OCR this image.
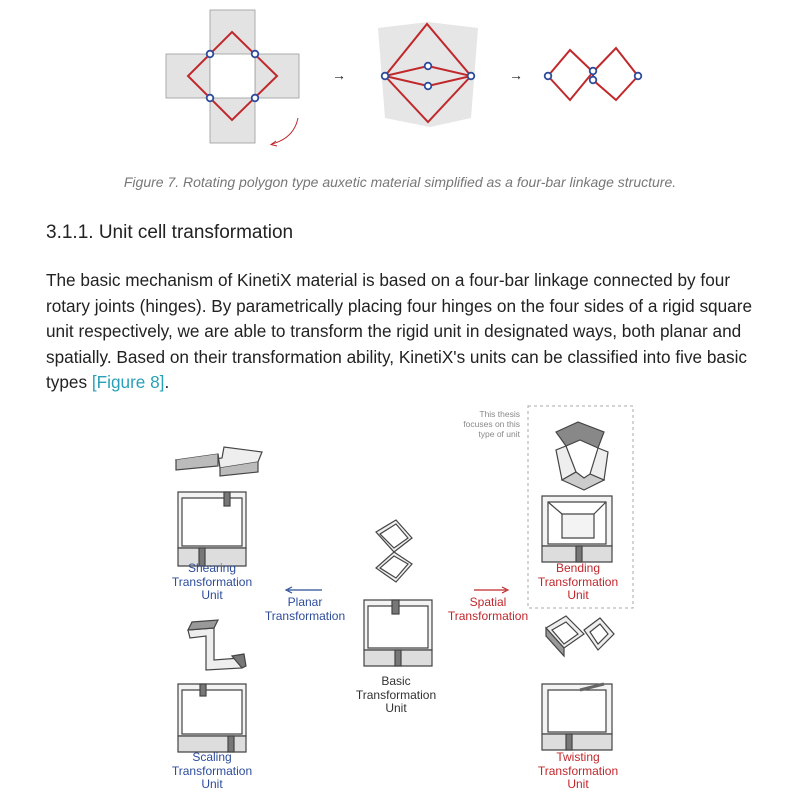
→	→
Figure 7. Rotating polygon type auxetic material simplified as a four-bar linkage structure.
3.1.1. Unit cell transformation
The basic mechanism of KinetiX material is based on a four-bar linkage connected by four rotary joints (hinges). By parametrically placing four hinges on the four sides of a rigid square unit respectively, we are able to transform the rigid unit in designated ways, both planar and spatially. Based on their transformation ability, KinetiX's units can be classified into five basic types [Figure 8].
This thesis
focuses on this
type of unit
Shearing
Transformation
Unit	Planar
Transformation
Spatial
Transformation
Bending
Transformation
Unit
Basic
Transformation
Unit
Scaling
Transformation
Unit
Twisting
Transformation
Unit
